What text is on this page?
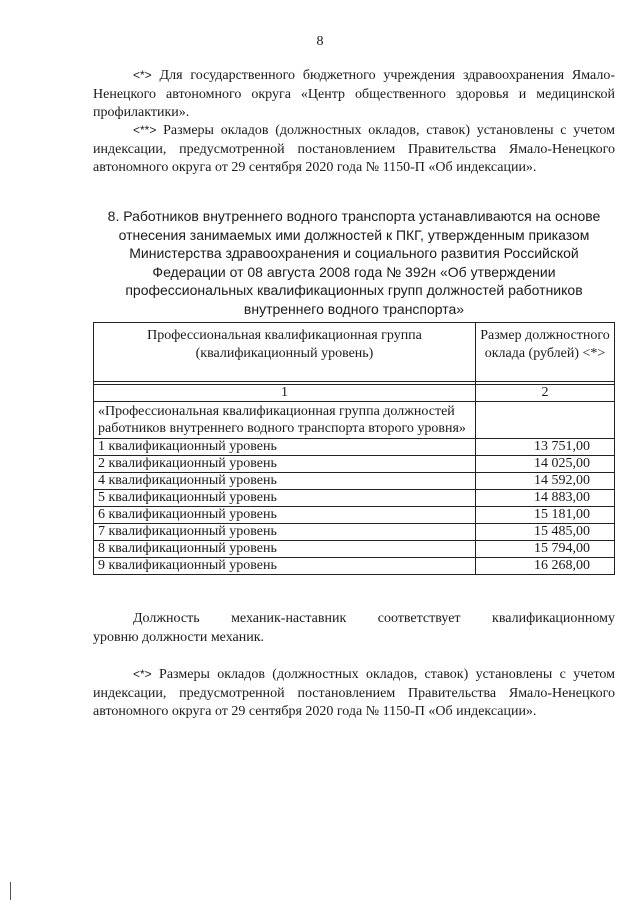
8
<*> Для государственного бюджетного учреждения здравоохранения Ямало-Ненецкого автономного округа «Центр общественного здоровья и медицинской профилактики».
<**> Размеры окладов (должностных окладов, ставок) установлены с учетом индексации, предусмотренной постановлением Правительства Ямало-Ненецкого автономного округа от 29 сентября 2020 года № 1150-П «Об индексации».
8. Работников внутреннего водного транспорта устанавливаются на основе отнесения занимаемых ими должностей к ПКГ, утвержденным приказом Министерства здравоохранения и социального развития Российской Федерации от 08 августа 2008 года № 392н «Об утверждении профессиональных квалификационных групп должностей работников внутреннего водного транспорта»
Профессиональная квалификационная группа (квалификационный уровень)	Размер должностного оклада (рублей) <*>

1	2
«Профессиональная квалификационная группа должностей работников внутреннего водного транспорта второго уровня»	
1 квалификационный уровень	13 751,00
2 квалификационный уровень	14 025,00
4 квалификационный уровень	14 592,00
5 квалификационный уровень	14 883,00
6 квалификационный уровень	15 181,00
7 квалификационный уровень	15 485,00
8 квалификационный уровень	15 794,00
9 квалификационный уровень	16 268,00
Должность механик-наставник соответствует квалификационному
уровню должности механик.
<*> Размеры окладов (должностных окладов, ставок) установлены с учетом индексации, предусмотренной постановлением Правительства Ямало-Ненецкого автономного округа от 29 сентября 2020 года № 1150-П «Об индексации».
